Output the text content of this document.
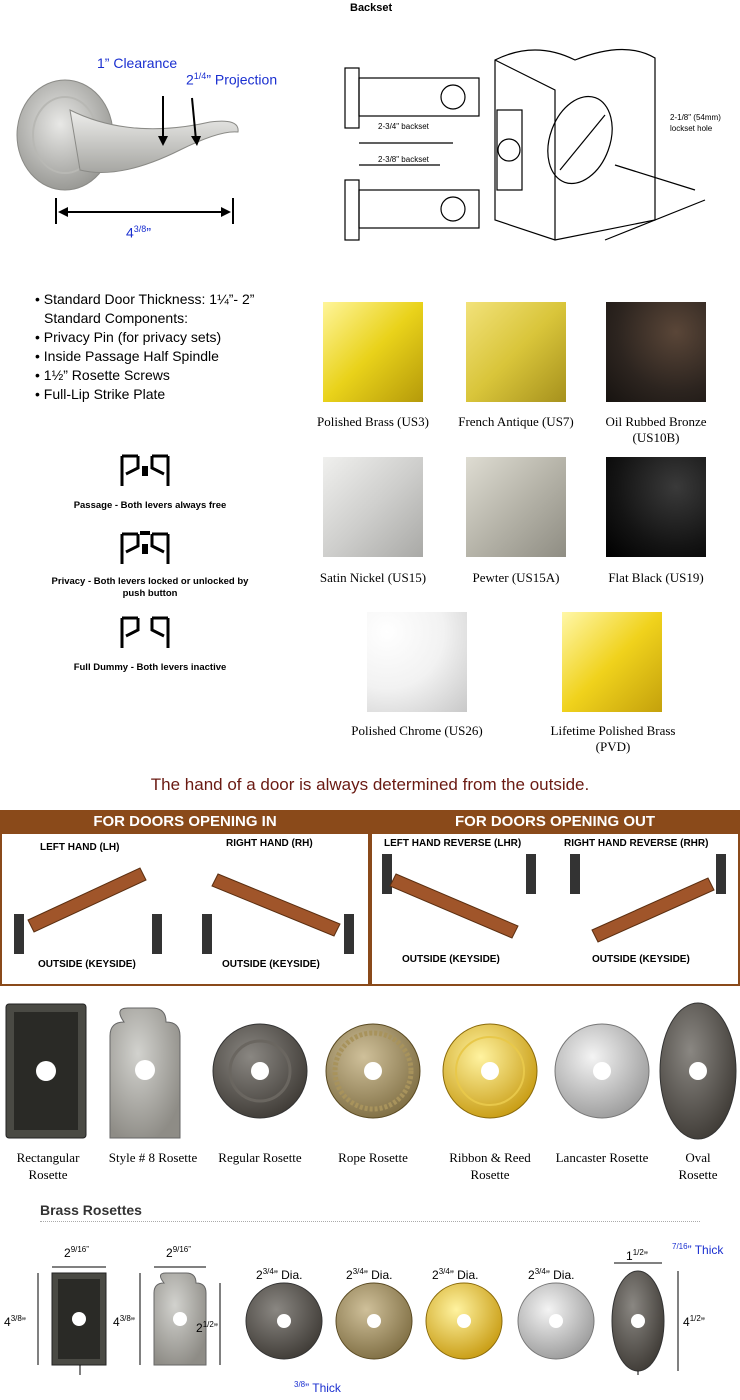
Backset
1” Clearance
$2^{1/4}$” Projection
$4^{3/8}$”
2-3/4" backset
2-3/8" backset
2-1/8" (54mm)
lockset hole
• Standard Door Thickness: 1¼”- 2”
Standard Components:
• Privacy Pin (for privacy sets)
• Inside Passage Half Spindle
• 1½” Rosette Screws
• Full-Lip Strike Plate
Passage - Both levers always free
Privacy - Both levers locked or unlocked by push button
Full Dummy - Both levers inactive
Polished Brass (US3)	French Antique (US7)	Oil Rubbed Bronze (US10B)
Satin Nickel (US15)	Pewter (US15A)	Flat Black (US19)
Polished Chrome (US26)	Lifetime Polished Brass (PVD)
The hand of a door is always determined from the outside.
FOR DOORS OPENING IN	FOR DOORS OPENING OUT
LEFT HAND (LH)	RIGHT HAND (RH)	LEFT HAND REVERSE (LHR)	RIGHT HAND REVERSE (RHR)
OUTSIDE (KEYSIDE)	OUTSIDE (KEYSIDE)	OUTSIDE (KEYSIDE)	OUTSIDE (KEYSIDE)
Rectangular Rosette
Style # 8 Rosette	Regular Rosette	Rope Rosette	Ribbon & Reed Rosette
Lancaster Rosette	Oval Rosette
Brass Rosettes
$2^{9/16”}$	$2^{9/16”}$
$4^{3/8}$”	$4^{3/8}$”	$2^{1/2}$”
$2^{3/4}$” Dia.	$2^{3/4}$” Dia.	$2^{3/4}$” Dia.	$2^{3/4}$” Dia.
$1^{1/2}$”
$4^{1/2}$”
$^{7/16}$” Thick
$^{3/8}$” Thick
